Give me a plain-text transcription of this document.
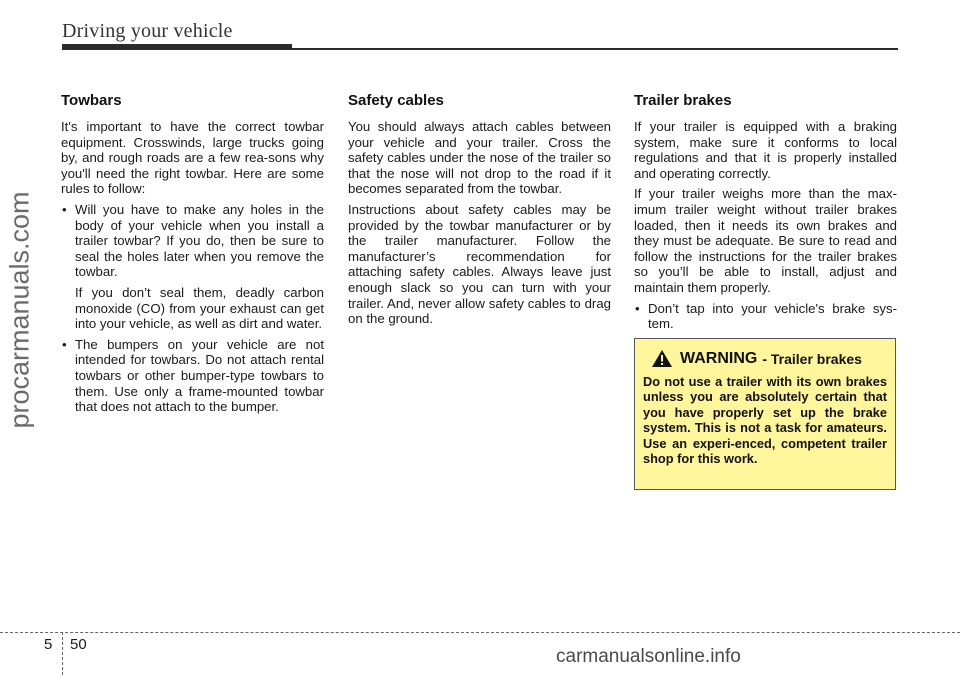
Driving your vehicle
procarmanuals.com
Towbars

It's important to have the correct towbar equipment. Crosswinds, large trucks going by, and rough roads are a few rea-sons why you'll need the right towbar. Here are some rules to follow:

• Will you have to make any holes in the body of your vehicle when you install a trailer towbar? If you do, then be sure to seal the holes later when you remove the towbar.

If you don’t seal them, deadly carbon monoxide (CO) from your exhaust can get into your vehicle, as well as dirt and water.

• The bumpers on your vehicle are not intended for towbars. Do not attach rental towbars or other bumper-type towbars to them. Use only a frame-mounted towbar that does not attach to the bumper.

Safety cables

You should always attach cables between your vehicle and your trailer. Cross the safety cables under the nose of the trailer so that the nose will not drop to the road if it becomes separated from the towbar.

Instructions about safety cables may be provided by the towbar manufacturer or by the trailer manufacturer. Follow the manufacturer’s recommendation for attaching safety cables. Always leave just enough slack so you can turn with your trailer. And, never allow safety cables to drag on the ground.

Trailer brakes

If your trailer is equipped with a braking system, make sure it conforms to local regulations and that it is properly installed and operating correctly.

If your trailer weighs more than the max-imum trailer weight without trailer brakes loaded, then it needs its own brakes and they must be adequate. Be sure to read and follow the instructions for the trailer brakes so you’ll be able to install, adjust and maintain them properly.

• Don’t tap into your vehicle's brake sys-tem.

WARNING - Trailer brakes
Do not use a trailer with its own brakes unless you are absolutely certain that you have properly set up the brake system. This is not a task for amateurs. Use an experi-enced, competent trailer shop for this work.
5 50
carmanualsonline.info
